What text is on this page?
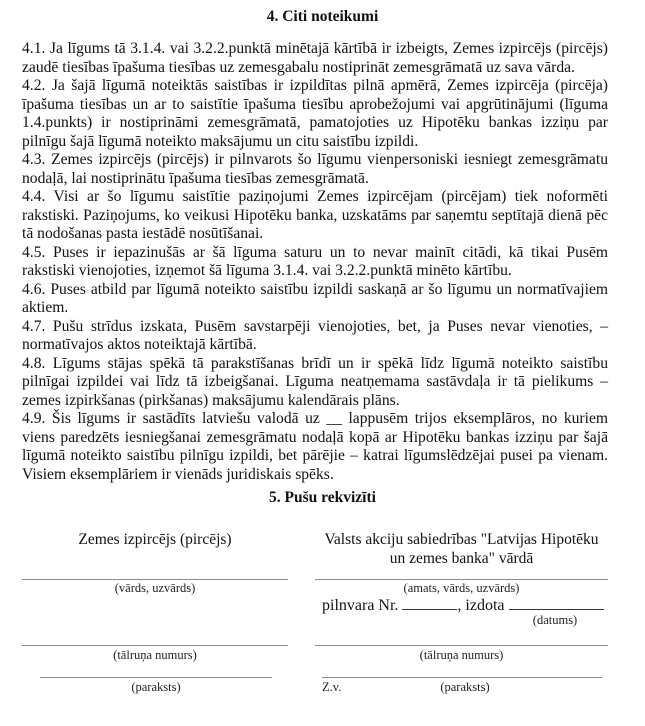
4. Citi noteikumi

4.1. Ja līgums tā 3.1.4. vai 3.2.2.punktā minētajā kārtībā ir izbeigts, Zemes izpircējs (pircējs) zaudē tiesības īpašuma tiesības uz zemesgabalu nostiprināt zemesgrāmatā uz sava vārda.

4.2. Ja šajā līgumā noteiktās saistības ir izpildītas pilnā apmērā, Zemes izpircēja (pircēja) īpašuma tiesības un ar to saistītie īpašuma tiesību aprobežojumi vai apgrūtinājumi (līguma 1.4.punkts) ir nostiprināmi zemesgrāmatā, pamatojoties uz Hipotēku bankas izziņu par pilnīgu šajā līgumā noteikto maksājumu un citu saistību izpildi.

4.3. Zemes izpircējs (pircējs) ir pilnvarots šo līgumu vienpersoniski iesniegt zemesgrāmatu nodaļā, lai nostiprinātu īpašuma tiesības zemesgrāmatā.

4.4. Visi ar šo līgumu saistītie paziņojumi Zemes izpircējam (pircējam) tiek noformēti rakstiski. Paziņojums, ko veikusi Hipotēku banka, uzskatāms par saņemtu septītajā dienā pēc tā nodošanas pasta iestādē nosūtīšanai.

4.5. Puses ir iepazinušās ar šā līguma saturu un to nevar mainīt citādi, kā tikai Pusēm rakstiski vienojoties, izņemot šā līguma 3.1.4. vai 3.2.2.punktā minēto kārtību.

4.6. Puses atbild par līgumā noteikto saistību izpildi saskaņā ar šo līgumu un normatīvajiem aktiem.

4.7. Pušu strīdus izskata, Pusēm savstarpēji vienojoties, bet, ja Puses nevar vienoties, – normatīvajos aktos noteiktajā kārtībā.

4.8. Līgums stājas spēkā tā parakstīšanas brīdī un ir spēkā līdz līgumā noteikto saistību pilnīgai izpildei vai līdz tā izbeigšanai. Līguma neatņemama sastāvdaļa ir tā pielikums – zemes izpirkšanas (pirkšanas) maksājumu kalendārais plāns.

4.9. Šis līgums ir sastādīts latviešu valodā uz __ lappusēm trijos eksemplāros, no kuriem viens paredzēts iesniegšanai zemesgrāmatu nodaļā kopā ar Hipotēku bankas izziņu par šajā līgumā noteikto saistību pilnīgu izpildi, bet pārējie – katrai līgumslēdzējai pusei pa vienam. Visiem eksemplāriem ir vienāds juridiskais spēks.

5. Pušu rekvizīti
Zemes izpircējs (pircējs)
(vārds, uzvārds)
(tālruņa numurs)
(paraksts)
Valsts akciju sabiedrības "Latvijas Hipotēku
un zemes banka" vārdā
(amats, vārds, uzvārds)
pilnvara Nr.	, izdota
(datums)
(tālruņa numurs)
Z.v.	(paraksts)
